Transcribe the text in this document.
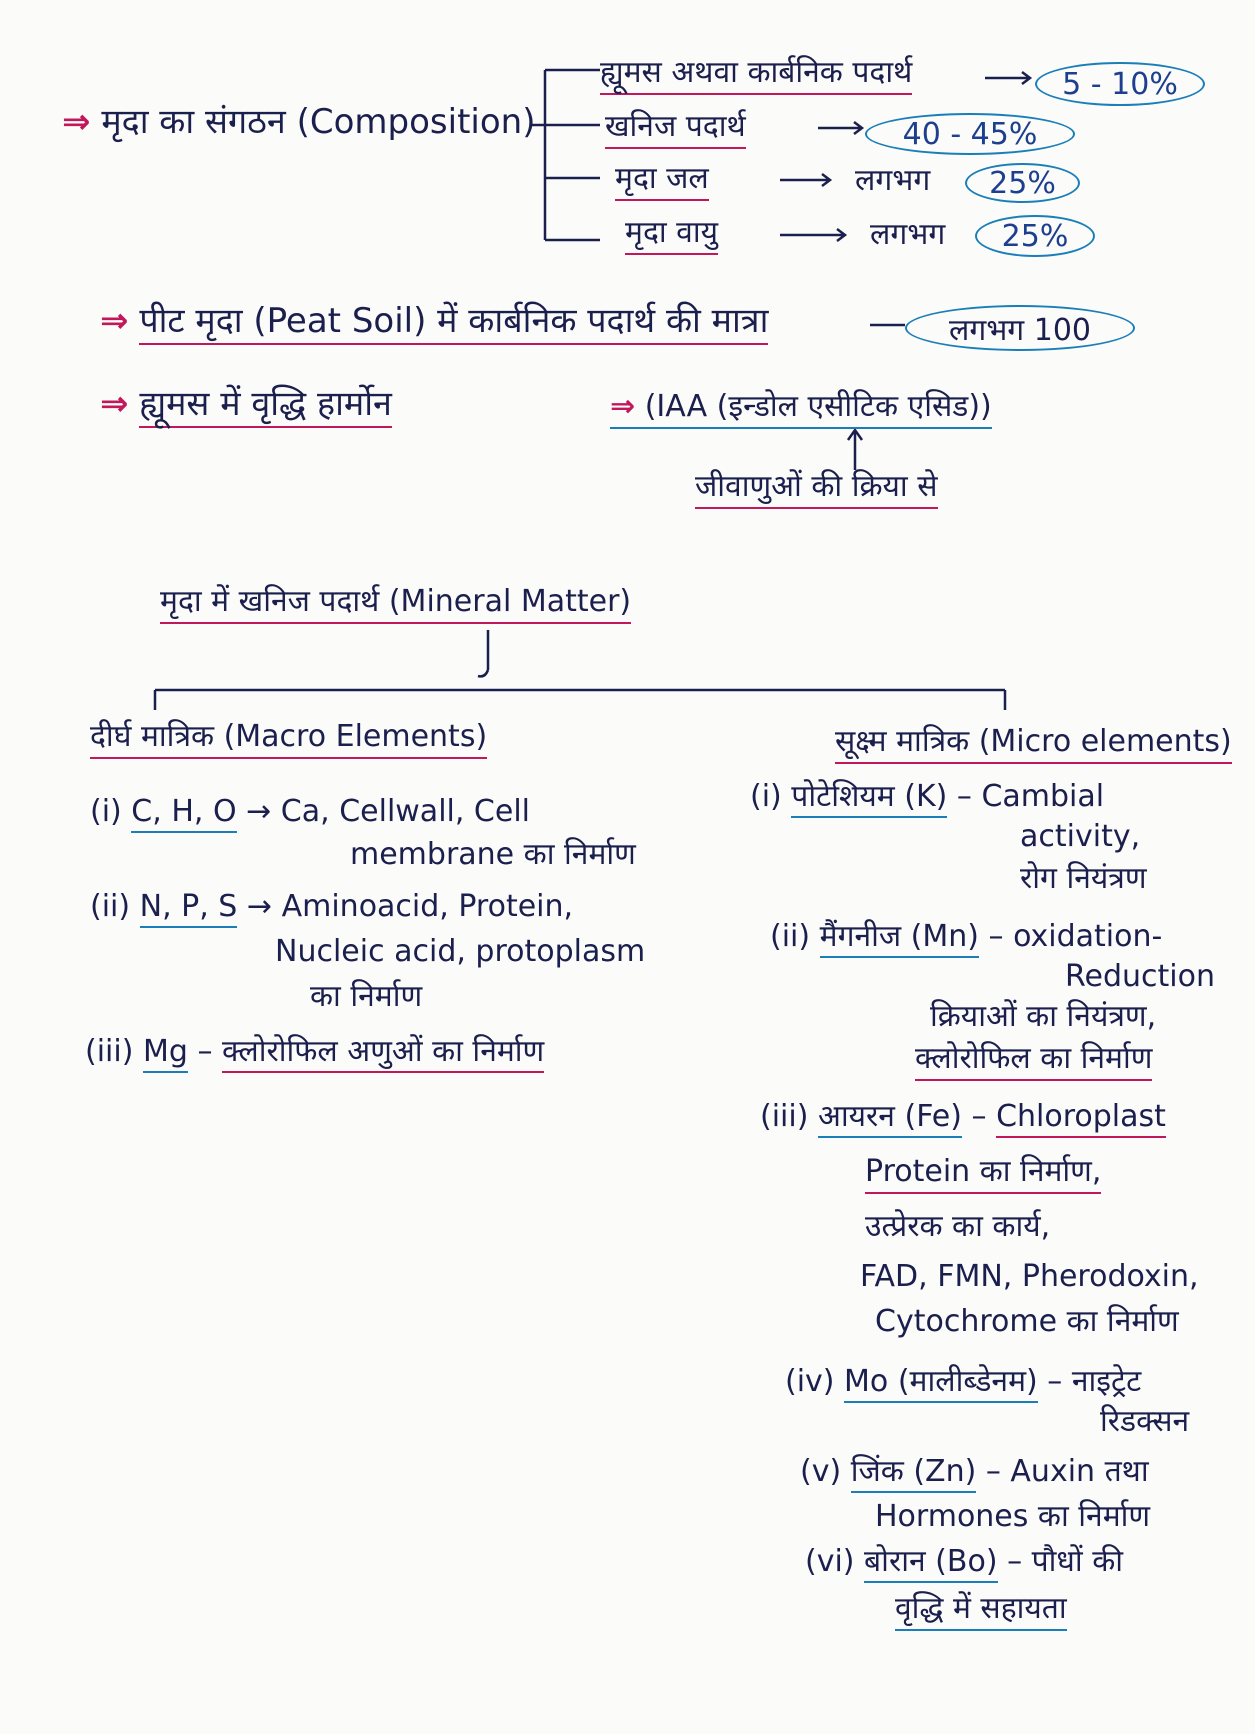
⇒ मृदा का संगठन (Composition)
ह्यूमस अथवा कार्बनिक पदार्थ	5 - 10%
खनिज पदार्थ	40 - 45%
मृदा जल	लगभग	25%
मृदा वायु	लगभग	25%
⇒ पीट मृदा (Peat Soil) में कार्बनिक पदार्थ की मात्रा	लगभग 100
⇒ ह्यूमस में वृद्धि हार्मोन	⇒ (IAA (इन्डोल एसीटिक एसिड))
जीवाणुओं की क्रिया से
मृदा में खनिज पदार्थ (Mineral Matter)
दीर्घ मात्रिक (Macro Elements)
(i) C, H, O → Ca, Cellwall, Cell
membrane का निर्माण
(ii) N, P, S → Aminoacid, Protein,
Nucleic acid, protoplasm
का निर्माण
(iii) Mg – क्लोरोफिल अणुओं का निर्माण
सूक्ष्म मात्रिक (Micro elements)
(i) पोटेशियम (K) – Cambial
activity,
रोग नियंत्रण
(ii) मैंगनीज (Mn) – oxidation-
Reduction
क्रियाओं का नियंत्रण,
क्लोरोफिल का निर्माण
(iii) आयरन (Fe) – Chloroplast
Protein का निर्माण,
उत्प्रेरक का कार्य,
FAD, FMN, Pherodoxin,
Cytochrome का निर्माण
(iv) Mo (मालीब्डेनम) – नाइट्रेट
रिडक्सन
(v) जिंक (Zn) – Auxin तथा
Hormones का निर्माण
(vi) बोरान (Bo) – पौधों की
वृद्धि में सहायता
